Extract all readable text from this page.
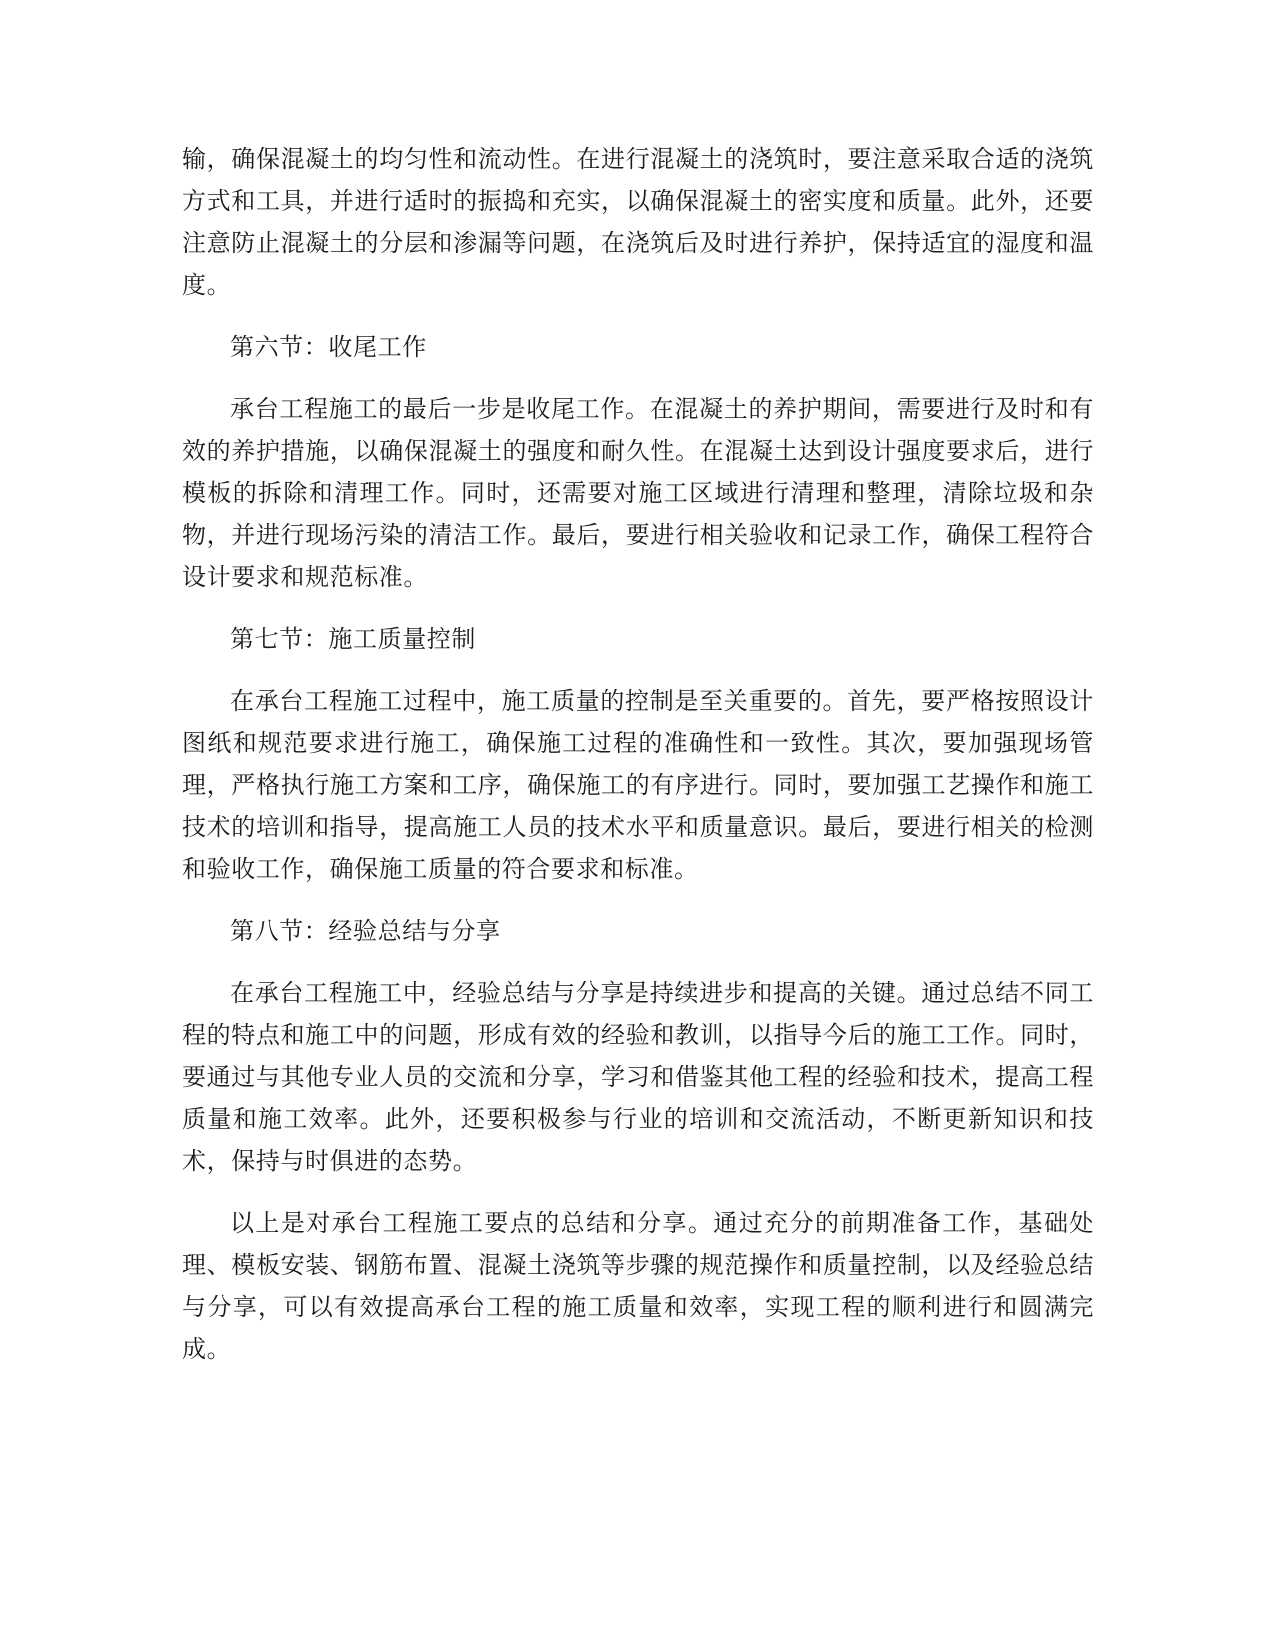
输，确保混凝土的均匀性和流动性。在进行混凝土的浇筑时，要注意采取合适的浇筑方式和工具，并进行适时的振捣和充实，以确保混凝土的密实度和质量。此外，还要注意防止混凝土的分层和渗漏等问题，在浇筑后及时进行养护，保持适宜的湿度和温度。

第六节：收尾工作

承台工程施工的最后一步是收尾工作。在混凝土的养护期间，需要进行及时和有效的养护措施，以确保混凝土的强度和耐久性。在混凝土达到设计强度要求后，进行模板的拆除和清理工作。同时，还需要对施工区域进行清理和整理，清除垃圾和杂物，并进行现场污染的清洁工作。最后，要进行相关验收和记录工作，确保工程符合设计要求和规范标准。

第七节：施工质量控制

在承台工程施工过程中，施工质量的控制是至关重要的。首先，要严格按照设计图纸和规范要求进行施工，确保施工过程的准确性和一致性。其次，要加强现场管理，严格执行施工方案和工序，确保施工的有序进行。同时，要加强工艺操作和施工技术的培训和指导，提高施工人员的技术水平和质量意识。最后，要进行相关的检测和验收工作，确保施工质量的符合要求和标准。

第八节：经验总结与分享

在承台工程施工中，经验总结与分享是持续进步和提高的关键。通过总结不同工程的特点和施工中的问题，形成有效的经验和教训，以指导今后的施工工作。同时，要通过与其他专业人员的交流和分享，学习和借鉴其他工程的经验和技术，提高工程质量和施工效率。此外，还要积极参与行业的培训和交流活动，不断更新知识和技术，保持与时俱进的态势。

以上是对承台工程施工要点的总结和分享。通过充分的前期准备工作，基础处理、模板安装、钢筋布置、混凝土浇筑等步骤的规范操作和质量控制，以及经验总结与分享，可以有效提高承台工程的施工质量和效率，实现工程的顺利进行和圆满完成。
